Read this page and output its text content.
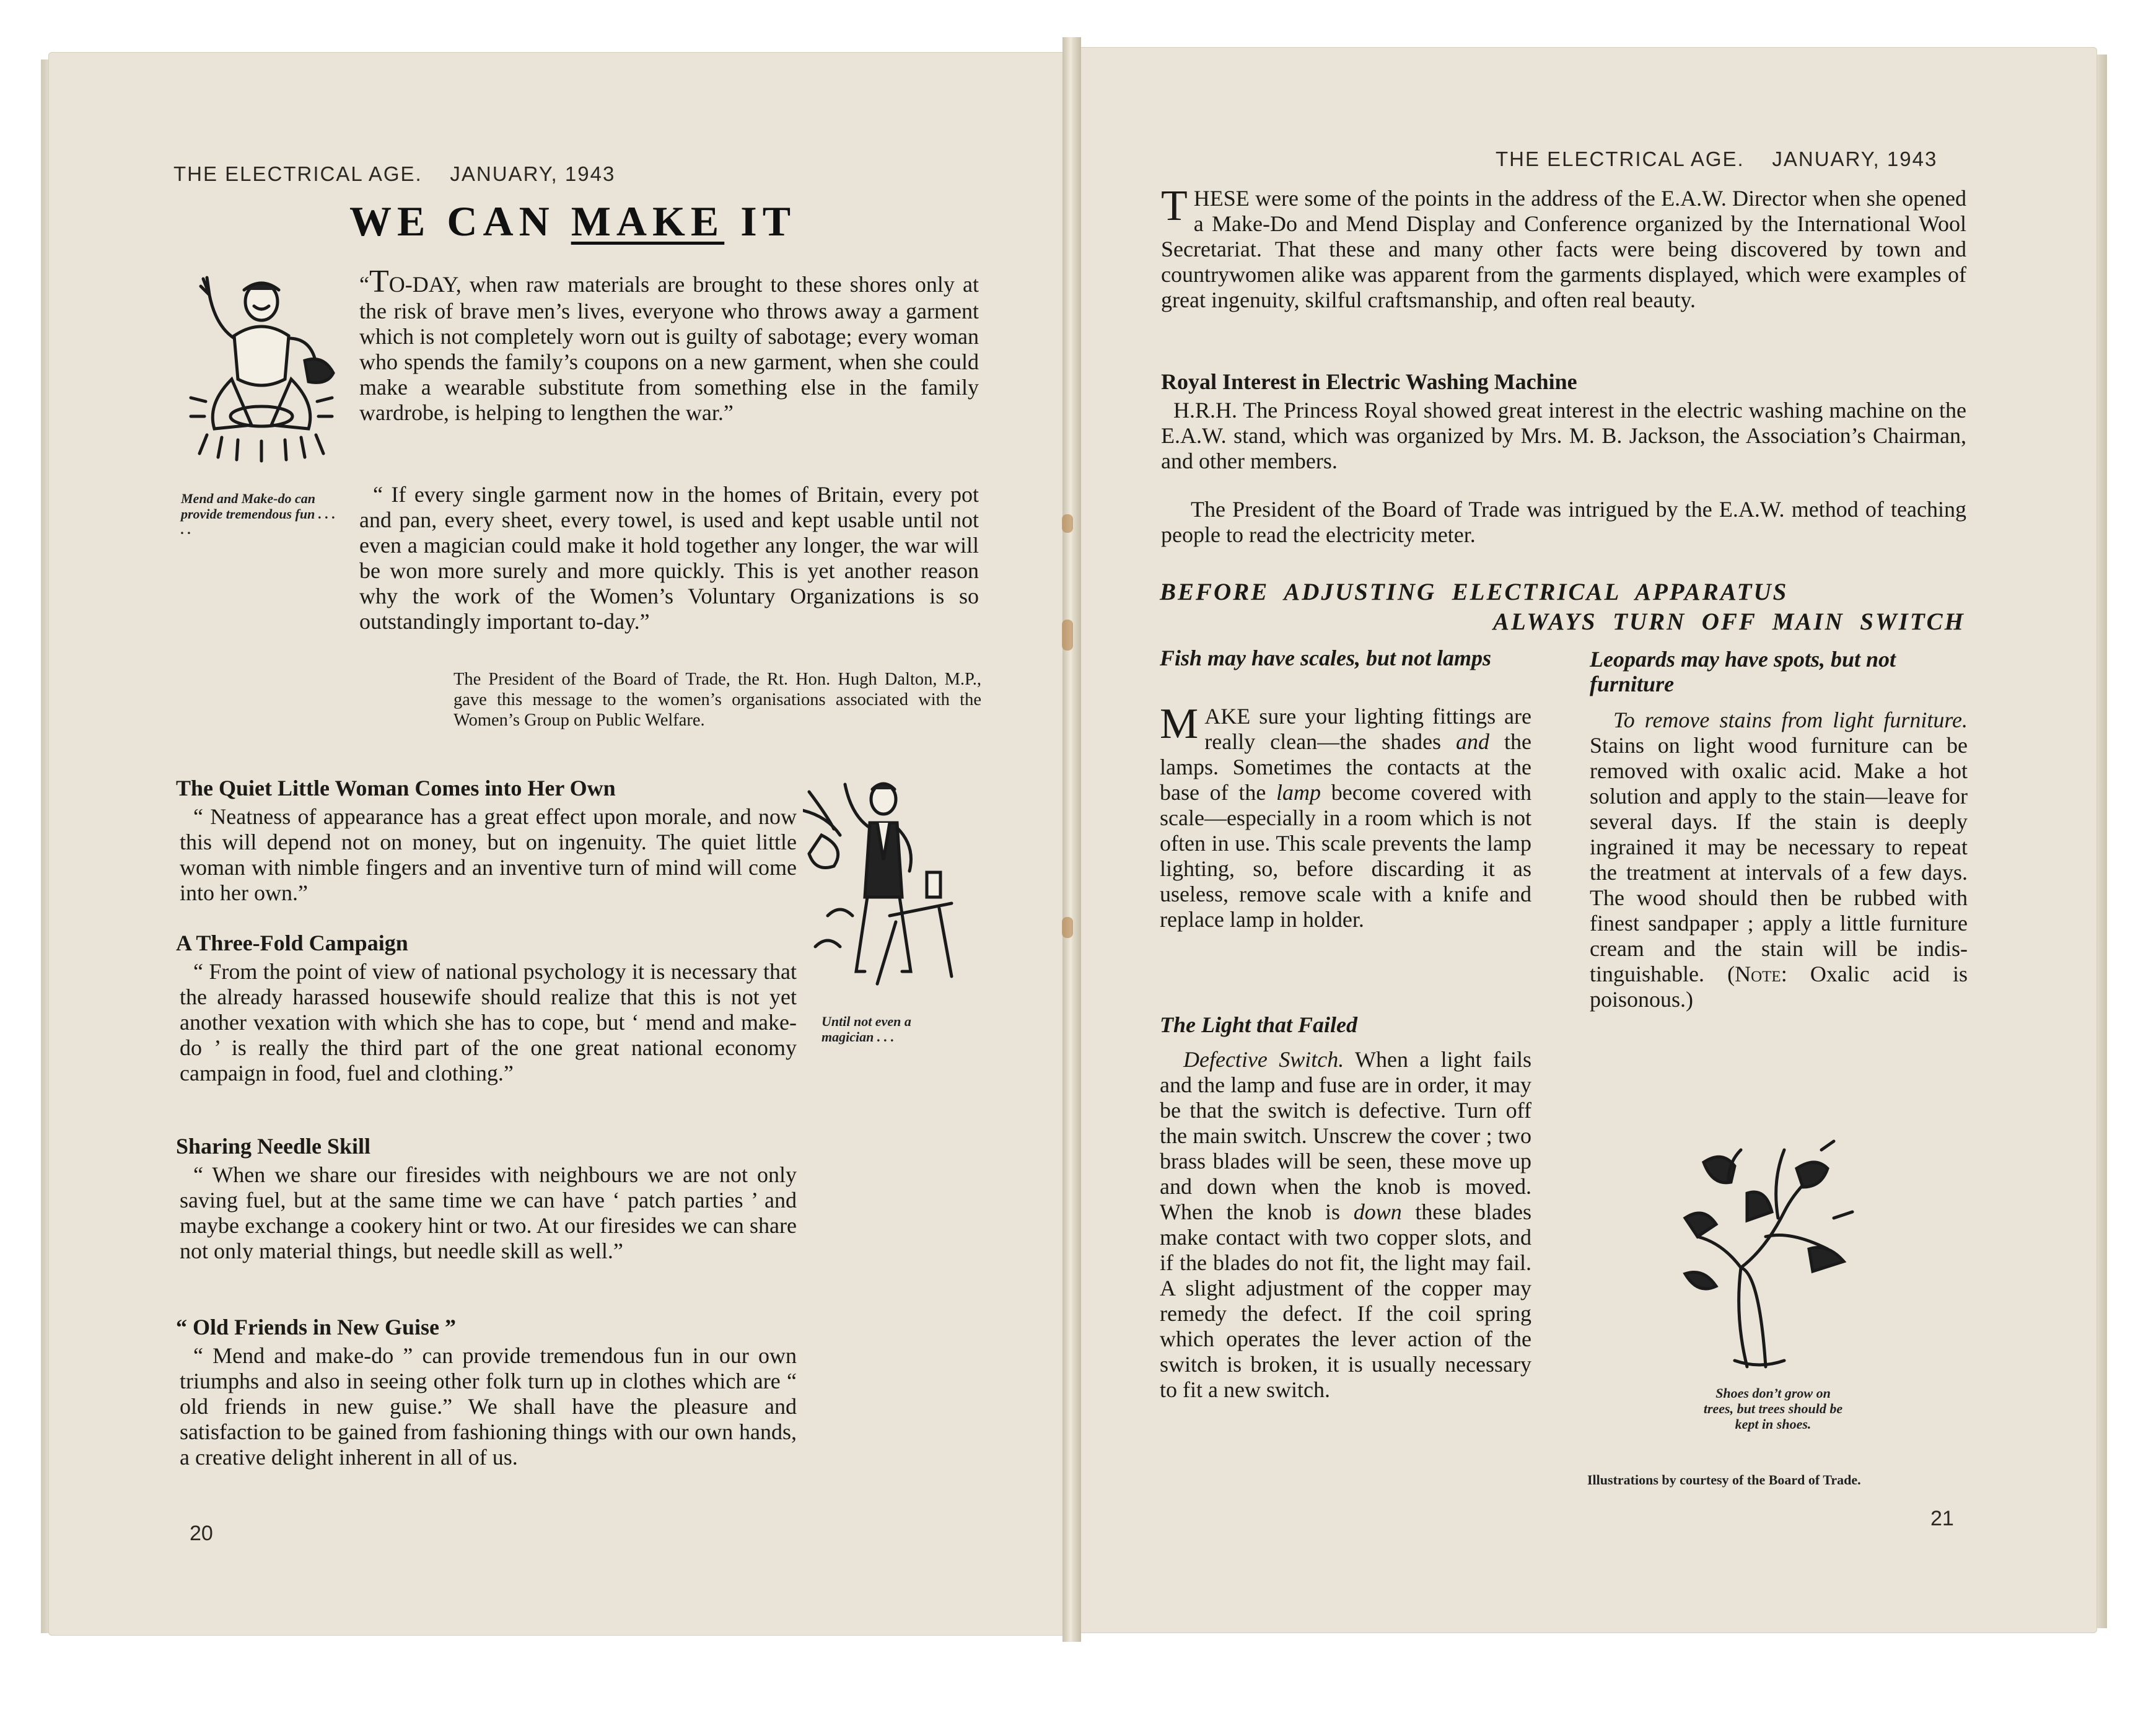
THE ELECTRICAL AGE.    JANUARY, 1943
WE CAN MAKE IT
Mend and Make-do can provide tremendous fun . . . . .
“TO-DAY, when raw materials are brought to these shores only at the risk of brave men’s lives, everyone who throws away a garment which is not completely worn out is guilty of sabotage; every woman who spends the family’s coupons on a new garment, when she could make a wearable substitute from something else in the family wardrobe, is helping to lengthen the war.”
“ If every single garment now in the homes of Britain, every pot and pan, every sheet, every towel, is used and kept usable until not even a magician could make it hold together any longer, the war will be won more surely and more quickly. This is yet another reason why the work of the Women’s Voluntary Organizations is so outstandingly important to-day.”
The President of the Board of Trade, the Rt. Hon. Hugh Dalton, M.P., gave this message to the women’s organisations associated with the Women’s Group on Public Welfare.
The Quiet Little Woman Comes into Her Own
“ Neatness of appearance has a great effect upon morale, and now this will depend not on money, but on ingenuity. The quiet little woman with nimble fingers and an inventive turn of mind will come into her own.”
Until not even a magician . . .
A Three-Fold Campaign
“ From the point of view of national psychology it is necessary that the already harassed housewife should realize that this is not yet another vexation with which she has to cope, but ‘ mend and make-do ’ is really the third part of the one great national economy campaign in food, fuel and clothing.”
Sharing Needle Skill
“ When we share our firesides with neighbours we are not only saving fuel, but at the same time we can have ‘ patch parties ’ and maybe exchange a cookery hint or two. At our firesides we can share not only material things, but needle skill as well.”
“ Old Friends in New Guise ”
“ Mend and make-do ” can provide tremendous fun in our own triumphs and also in seeing other folk turn up in clothes which are “ old friends in new guise.” We shall have the pleasure and satisfaction to be gained from fashioning things with our own hands, a creative delight inherent in all of us.
20
THE ELECTRICAL AGE.    JANUARY, 1943
THESE were some of the points in the address of the E.A.W. Director when she opened a Make-Do and Mend Display and Conference organized by the International Wool Secretariat. That these and many other facts were being discovered by town and countrywomen alike was apparent from the garments displayed, which were examples of great ingenuity, skilful craftsmanship, and often real beauty.
Royal Interest in Electric Washing Machine
H.R.H. The Princess Royal showed great interest in the electric washing machine on the E.A.W. stand, which was organized by Mrs. M. B. Jackson, the Association’s Chairman, and other members.
The President of the Board of Trade was intrigued by the E.A.W. method of teaching people to read the electricity meter.
BEFORE  ADJUSTING  ELECTRICAL  APPARATUS
ALWAYS  TURN  OFF  MAIN  SWITCH
Fish may have scales, but not lamps
MAKE sure your lighting fittings are really clean—the shades and the lamps. Sometimes the contacts at the base of the lamp become covered with scale—especially in a room which is not often in use. This scale prevents the lamp lighting, so, before discarding it as useless, remove scale with a knife and replace lamp in holder.
The Light that Failed
Defective Switch. When a light fails and the lamp and fuse are in order, it may be that the switch is defective. Turn off the main switch. Unscrew the cover ; two brass blades will be seen, these move up and down when the knob is moved. When the knob is down these blades make contact with two copper slots, and if the blades do not fit, the light may fail. A slight adjustment of the copper may remedy the defect. If the coil spring which operates the lever action of the switch is broken, it is usually necessary to fit a new switch.
Leopards may have spots, but not furniture
To remove stains from light furniture. Stains on light wood furniture can be removed with oxalic acid. Make a hot solution and apply to the stain—leave for several days. If the stain is deeply ingrained it may be necessary to repeat the treatment at intervals of a few days. The wood should then be rubbed with finest sandpaper ; apply a little furniture cream and the stain will be indistinguishable. (Note: Oxalic acid is poisonous.)
Shoes don’t grow on trees, but trees should be kept in shoes.
Illustrations by courtesy of the Board of Trade.
21
